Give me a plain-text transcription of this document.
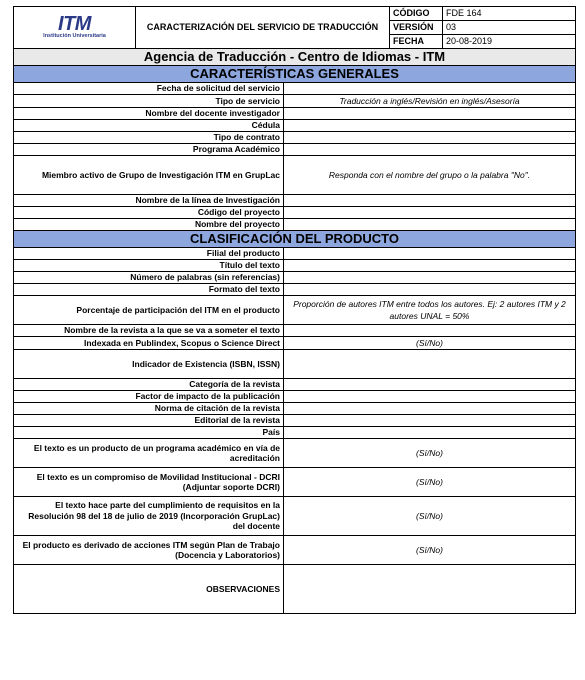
ITM
Institución Universitaria	CARACTERIZACIÓN DEL SERVICIO DE TRADUCCIÓN		CÓDIGO	FDE 164
			VERSIÓN	03
			FECHA	20-08-2019
Agencia de Traducción - Centro de Idiomas - ITM				
CARACTERÍSTICAS GENERALES				
Fecha de solicitud del servicio				
Tipo de servicio		Traducción a inglés/Revisión en inglés/Asesoría		
Nombre del docente investigador				
Cédula				
Tipo de contrato				
Programa Académico				
Miembro activo de Grupo de Investigación ITM en GrupLac		Responda con el nombre del grupo o la palabra "No".		
Nombre de la línea de Investigación				
Código del proyecto				
Nombre del proyecto				
CLASIFICACIÓN DEL PRODUCTO				
Filial del producto				
Título del texto				
Número de palabras (sin referencias)				
Formato del texto				
Porcentaje de participación del ITM en el producto		Proporción de autores ITM entre todos los autores. Ej: 2 autores ITM y 2 autores UNAL = 50%		
Nombre de la revista a la que se va a someter el texto				
Indexada en Publindex, Scopus o Science Direct		(Sí/No)		
Indicador de Existencia (ISBN, ISSN)				
Categoría de la revista				
Factor de impacto de la publicación				
Norma de citación de la revista				
Editorial de la revista				
País				
El texto es un producto de un programa académico en vía de acreditación		(Sí/No)		
El texto es un compromiso de Movilidad Institucional - DCRI (Adjuntar soporte DCRI)		(Sí/No)		
El texto hace parte del cumplimiento de requisitos en la Resolución 98 del 18 de julio de 2019 (Incorporación GrupLac) del docente		(Sí/No)		
El producto es derivado de acciones ITM según Plan de Trabajo (Docencia y Laboratorios)		(Sí/No)		
OBSERVACIONES				
